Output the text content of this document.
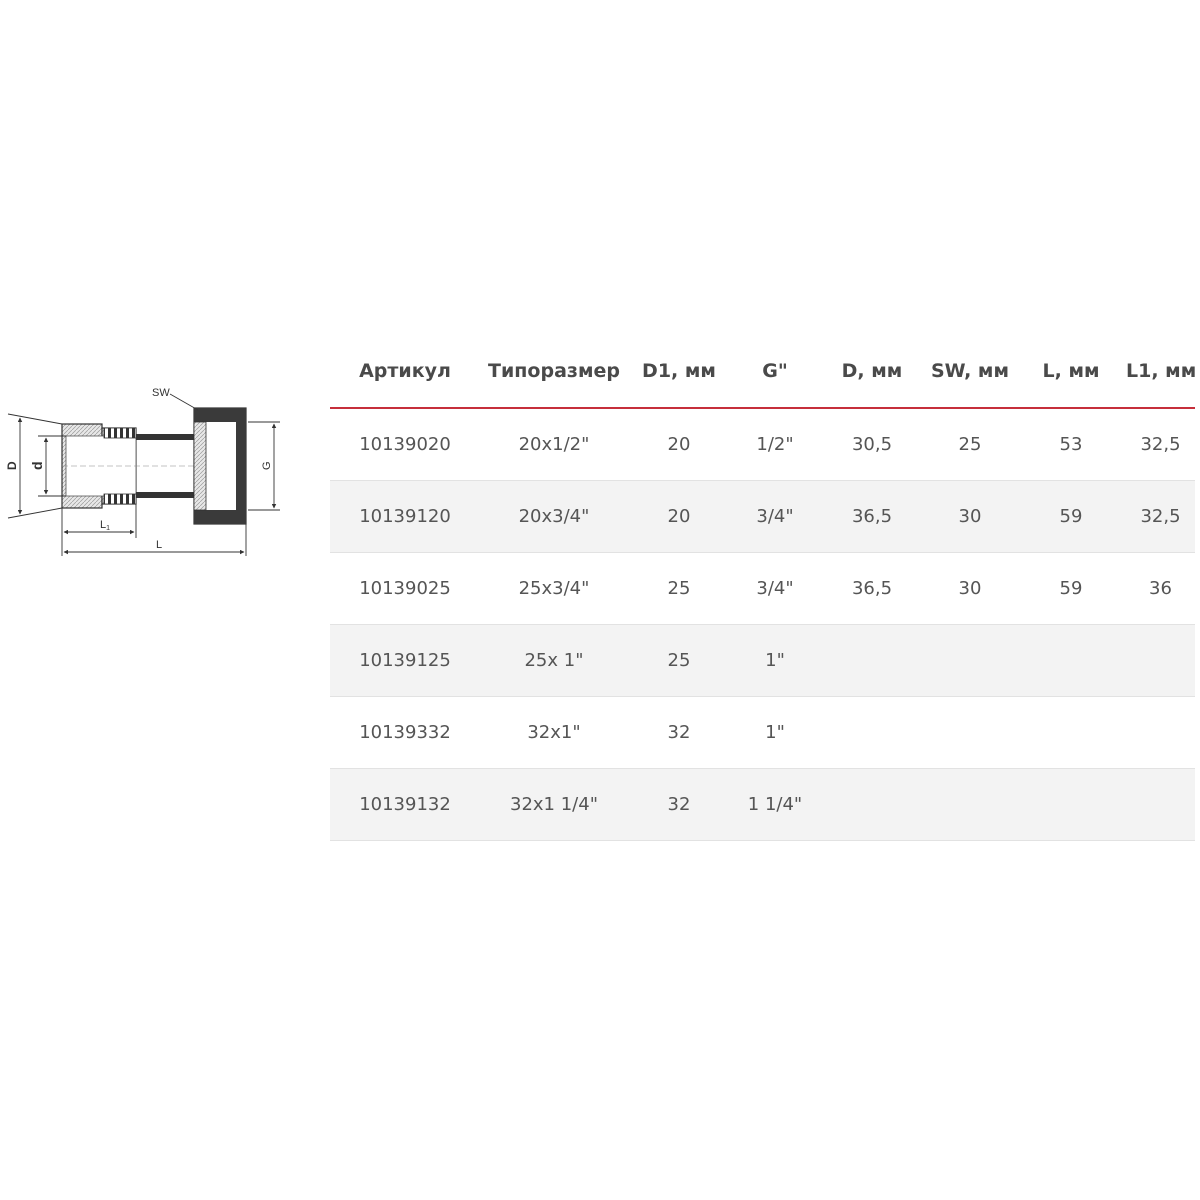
SW
D d	G
L1
L
Артикул	Типоразмер	D1, мм	G"	D, мм	SW, мм	L, мм	L1, мм
10139020	20x1/2"	20	1/2"	30,5	25	53	32,5
10139120	20x3/4"	20	3/4"	36,5	30	59	32,5
10139025	25x3/4"	25	3/4"	36,5	30	59	36
10139125	25x 1"	25	1"				
10139332	32x1"	32	1"				
10139132	32x1 1/4"	32	1 1/4"				
